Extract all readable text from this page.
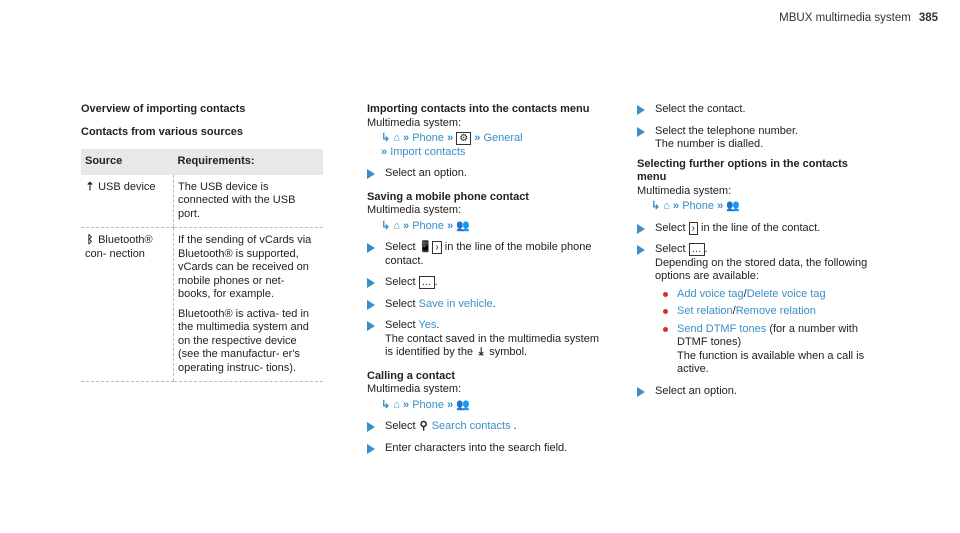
MBUX multimedia system 385
Overview of importing contacts
Contacts from various sources
Source	Requirements:
⇡ USB device	The USB device is connected with the USB port.
ᛒ Bluetooth® con- nection	If the sending of vCards via Bluetooth® is supported, vCards can be received on mobile phones or net- books, for example.
Bluetooth® is activa- ted in the multimedia system and on the respective device (see the manufactur- er's operating instruc- tions).
Importing contacts into the contacts menu
Multimedia system:
↳ ⌂ » Phone » ⚙ » General
» Import contacts
Select an option.
Saving a mobile phone contact
Multimedia system:
↳ ⌂ » Phone » 👥
Select 📱 › in the line of the mobile phone contact.
Select … .
Select Save in vehicle.
Select Yes.
The contact saved in the multimedia system is identified by the ⤓ symbol.
Calling a contact
Multimedia system:
↳ ⌂ » Phone » 👥
Select ⚲ Search contacts .
Enter characters into the search field.
Select the contact.
Select the telephone number.
The number is dialled.
Selecting further options in the contacts menu
Multimedia system:
↳ ⌂ » Phone » 👥
Select › in the line of the contact.
Select … .
Depending on the stored data, the following options are available:
Add voice tag/Delete voice tag
Set relation/Remove relation
Send DTMF tones (for a number with DTMF tones)
The function is available when a call is active.
Select an option.
